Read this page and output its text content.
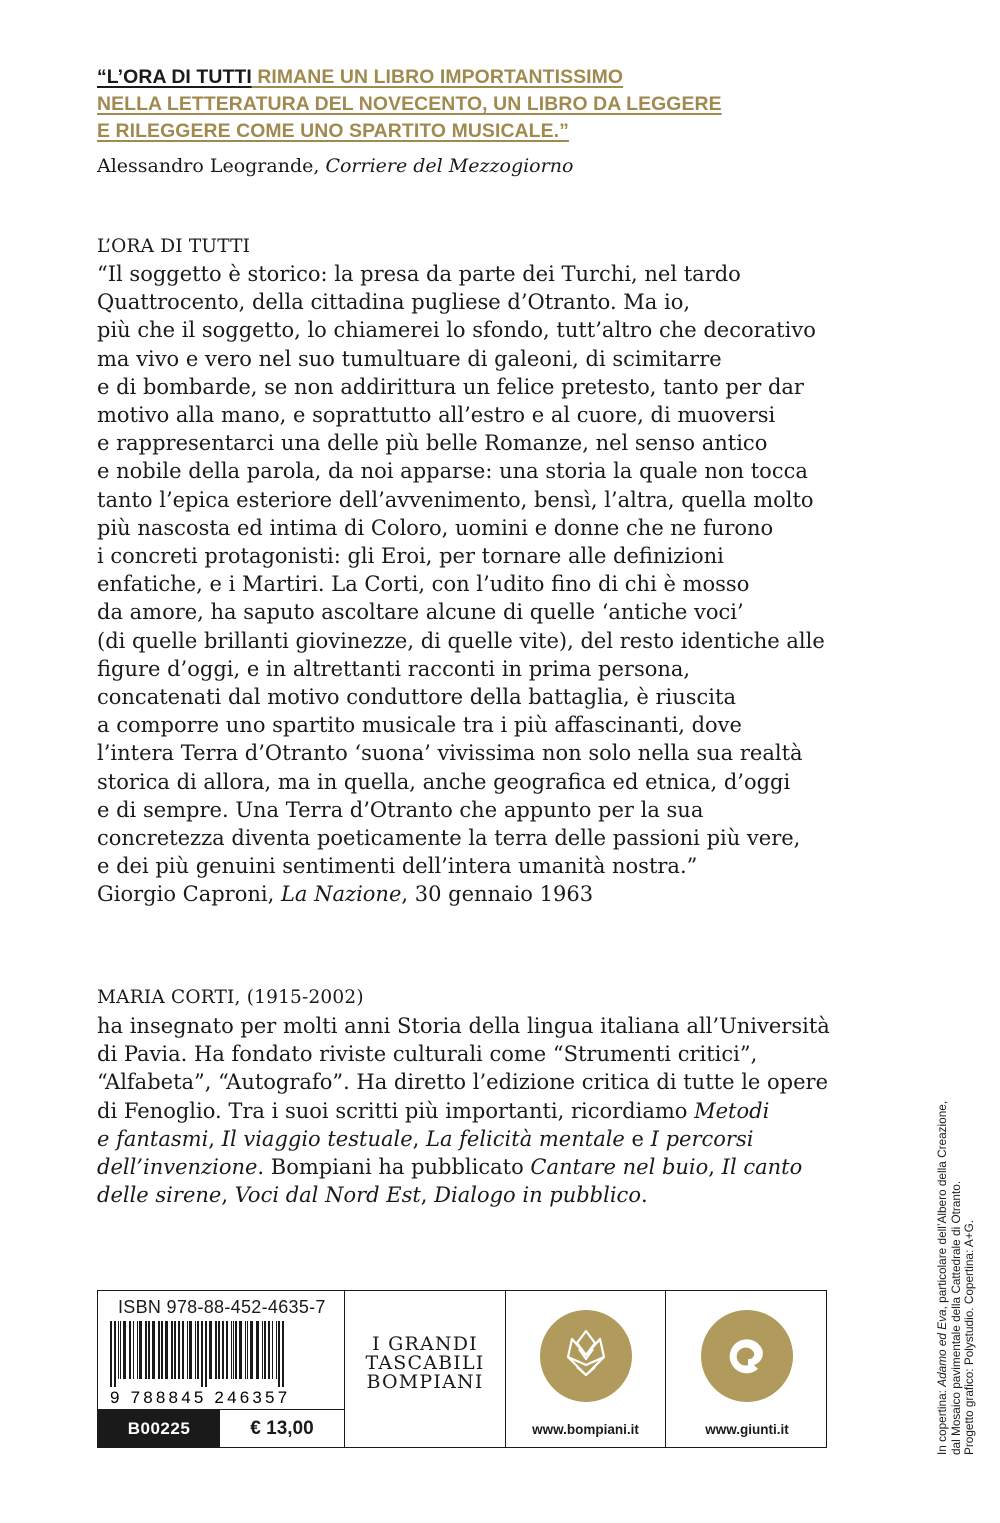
“L’ORA DI TUTTI RIMANE UN LIBRO IMPORTANTISSIMO
NELLA LETTERATURA DEL NOVECENTO, UN LIBRO DA LEGGERE
E RILEGGERE COME UNO SPARTITO MUSICALE.”
Alessandro Leogrande, Corriere del Mezzogiorno
L’ORA DI TUTTI
“Il soggetto è storico: la presa da parte dei Turchi, nel tardo
Quattrocento, della cittadina pugliese d’Otranto. Ma io,
più che il soggetto, lo chiamerei lo sfondo, tutt’altro che decorativo
ma vivo e vero nel suo tumultuare di galeoni, di scimitarre
e di bombarde, se non addirittura un felice pretesto, tanto per dar
motivo alla mano, e soprattutto all’estro e al cuore, di muoversi
e rappresentarci una delle più belle Romanze, nel senso antico
e nobile della parola, da noi apparse: una storia la quale non tocca
tanto l’epica esteriore dell’avvenimento, bensì, l’altra, quella molto
più nascosta ed intima di Coloro, uomini e donne che ne furono
i concreti protagonisti: gli Eroi, per tornare alle definizioni
enfatiche, e i Martiri. La Corti, con l’udito fino di chi è mosso
da amore, ha saputo ascoltare alcune di quelle ‘antiche voci’
(di quelle brillanti giovinezze, di quelle vite), del resto identiche alle
figure d’oggi, e in altrettanti racconti in prima persona,
concatenati dal motivo conduttore della battaglia, è riuscita
a comporre uno spartito musicale tra i più affascinanti, dove
l’intera Terra d’Otranto ‘suona’ vivissima non solo nella sua realtà
storica di allora, ma in quella, anche geografica ed etnica, d’oggi
e di sempre. Una Terra d’Otranto che appunto per la sua
concretezza diventa poeticamente la terra delle passioni più vere,
e dei più genuini sentimenti dell’intera umanità nostra.”
Giorgio Caproni, La Nazione, 30 gennaio 1963
MARIA CORTI, (1915-2002)
ha insegnato per molti anni Storia della lingua italiana all’Università
di Pavia. Ha fondato riviste culturali come “Strumenti critici”,
“Alfabeta”, “Autografo”. Ha diretto l’edizione critica di tutte le opere
di Fenoglio. Tra i suoi scritti più importanti, ricordiamo Metodi
e fantasmi, Il viaggio testuale, La felicità mentale e I percorsi
dell’invenzione. Bompiani ha pubblicato Cantare nel buio, Il canto
delle sirene, Voci dal Nord Est, Dialogo in pubblico.
ISBN 978-88-452-4635-7
9 788845 246357
B00225	€ 13,00
I GRANDI
TASCABILI
BOMPIANI
www.bompiani.it	www.giunti.it	In copertina: Adamo ed Eva, particolare dell’Albero della Creazione, dal Mosaico pavimentale della Cattedrale di Otranto. Progetto grafico: Polystudio. Copertina: A+G.
